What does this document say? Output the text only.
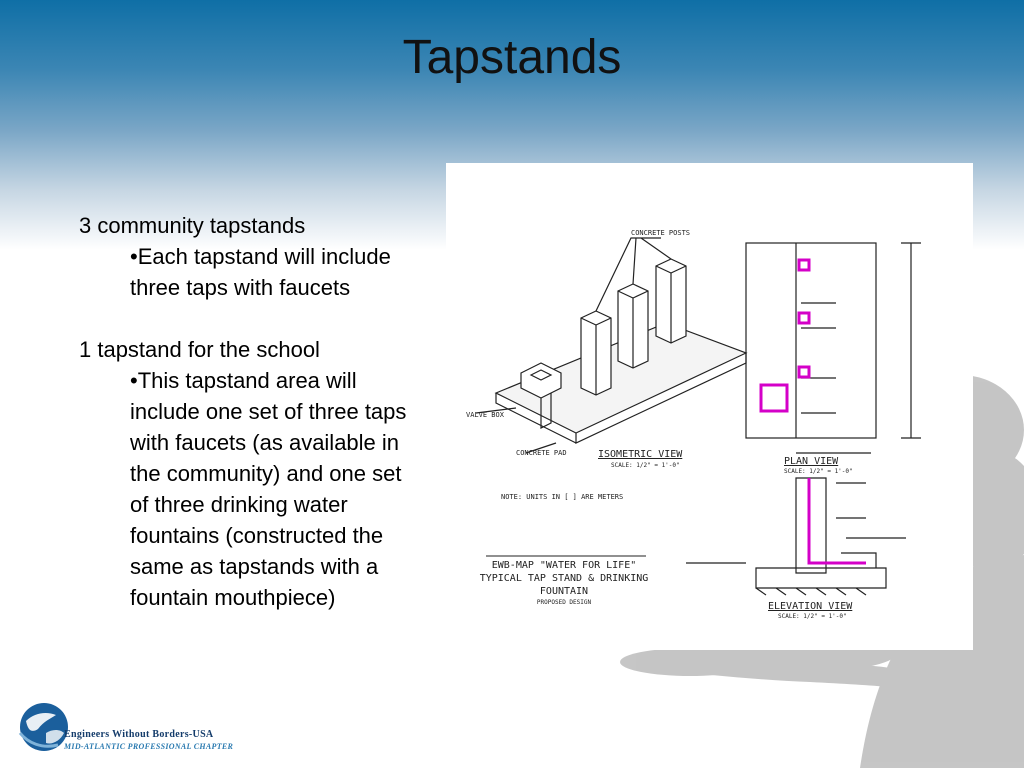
Tapstands

3 community tapstands

•Each tapstand will include three taps with faucets

1 tapstand for the school

•This tapstand area will include one set of three taps with faucets (as available in the community) and one set of three drinking water fountains (constructed the same as tapstands with a fountain mouthpiece)

CONCRETE POSTS
VALVE BOX
CONCRETE PAD
NOTE: UNITS IN [ ] ARE METERS
ISOMETRIC VIEW
PLAN VIEW
ELEVATION VIEW
SCALE: 1/2" = 1'-0"
SCALE: 1/2" = 1'-0"
SCALE: 1/2" = 1'-0"
EWB-MAP "WATER FOR LIFE"
TYPICAL TAP STAND & DRINKING
FOUNTAIN
PROPOSED DESIGN
Engineers Without Borders-USA
MID-ATLANTIC PROFESSIONAL CHAPTER
